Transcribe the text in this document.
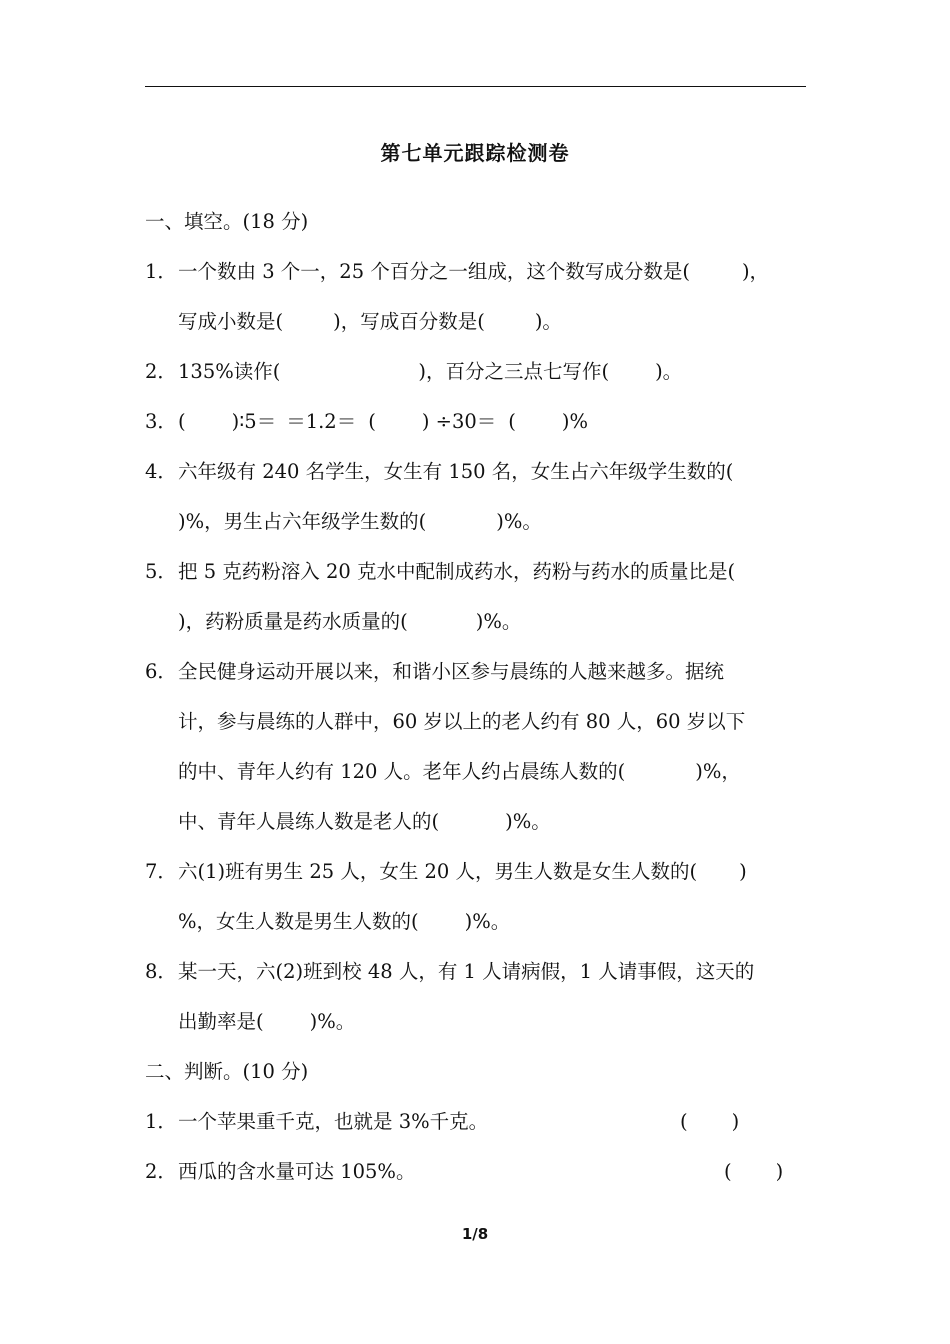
第七单元跟踪检测卷
一、填空。(18 分)
1．一个数由 3 个一，25 个百分之一组成，这个数写成分数是(	)，
写成小数是(	)，写成百分数是(	)。
2．135%读作(	)，百分之三点七写作( )。
3．( )∶5＝ ＝1.2＝ ( ) ÷30＝ ( )%
4．六年级有 240 名学生，女生有 150 名，女生占六年级学生数的(
)%，男生占六年级学生数的(	)%。
5．把 5 克药粉溶入 20 克水中配制成药水，药粉与药水的质量比是(
)，药粉质量是药水质量的(	)%。
6．全民健身运动开展以来，和谐小区参与晨练的人越来越多。据统
计，参与晨练的人群中，60 岁以上的老人约有 80 人，60 岁以下
的中、青年人约有 120 人。老年人约占晨练人数的(	)%，
中、青年人晨练人数是老人的(	)%。
7．六(1)班有男生 25 人，女生 20 人，男生人数是女生人数的( )
%，女生人数是男生人数的( )%。
8．某一天，六(2)班到校 48 人，有 1 人请病假，1 人请事假，这天的
出勤率是( )%。
二、判断。(10 分)
1．一个苹果重千克，也就是 3%千克。	( )
2．西瓜的含水量可达 105%。	( )
1/8
